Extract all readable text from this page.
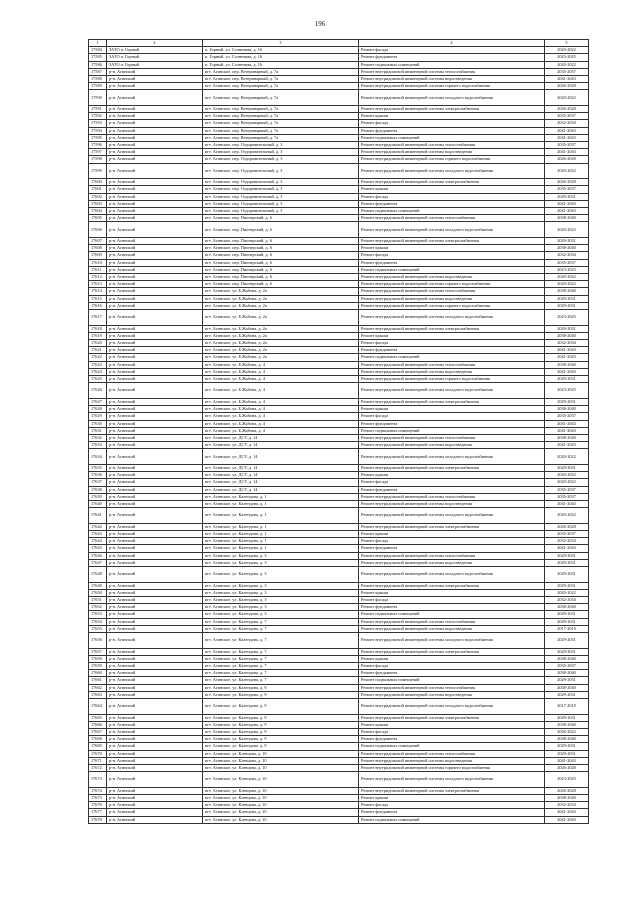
196
1	2	3	4	5
17584	ЗАТО п. Горный	п. Горный, ул. Солнечная, д. 16	Ремонт фасада	2020-2022
17585	ЗАТО п. Горный	п. Горный, ул. Солнечная, д. 16	Ремонт фундамента	2023-2025
17586	ЗАТО п. Горный	п. Горный, ул. Солнечная, д. 16	Ремонт подвальных помещений	2020-2022
17587	р-н. Агинский	пгт. Агинское, пер. Ветеринарный, д. 7а	Ремонт внутридомовой инженерной системы теплоснабжения	2035-2037
17588	р-н. Агинский	пгт. Агинское, пер. Ветеринарный, д. 7а	Ремонт внутридомовой инженерной системы водоотведения	2041-2043
17589	р-н. Агинский	пгт. Агинское, пер. Ветеринарный, д. 7а	Ремонт внутридомовой инженерной системы горячего водоснабжения	2026-2028
17590	р-н. Агинский	пгт. Агинское, пер. Ветеринарный, д. 7а	Ремонт внутридомовой инженерной системы холодного водоснабжения	2020-2022
17591	р-н. Агинский	пгт. Агинское, пер. Ветеринарный, д. 7а	Ремонт внутридомовой инженерной системы электроснабжения	2026-2028
17592	р-н. Агинский	пгт. Агинское, пер. Ветеринарный, д. 7а	Ремонт крыши	2035-2037
17593	р-н. Агинский	пгт. Агинское, пер. Ветеринарный, д. 7а	Ремонт фасада	2032-2034
17594	р-н. Агинский	пгт. Агинское, пер. Ветеринарный, д. 7а	Ремонт фундамента	2041-2043
17595	р-н. Агинский	пгт. Агинское, пер. Ветеринарный, д. 7а	Ремонт подвальных помещений	2041-2043
17596	р-н. Агинский	пгт. Агинское, пер. Оздоровительный, д. 3	Ремонт внутридомовой инженерной системы теплоснабжения	2035-2037
17597	р-н. Агинский	пгт. Агинское, пер. Оздоровительный, д. 3	Ремонт внутридомовой инженерной системы водоотведения	2041-2043
17598	р-н. Агинский	пгт. Агинское, пер. Оздоровительный, д. 3	Ремонт внутридомовой инженерной системы горячего водоснабжения	2026-2028
17599	р-н. Агинский	пгт. Агинское, пер. Оздоровительный, д. 3	Ремонт внутридомовой инженерной системы холодного водоснабжения	2020-2022
17600	р-н. Агинский	пгт. Агинское, пер. Оздоровительный, д. 3	Ремонт внутридомовой инженерной системы электроснабжения	2026-2028
17601	р-н. Агинский	пгт. Агинское, пер. Оздоровительный, д. 3	Ремонт крыши	2035-2037
17602	р-н. Агинский	пгт. Агинское, пер. Оздоровительный, д. 3	Ремонт фасада	2029-2031
17603	р-н. Агинский	пгт. Агинское, пер. Оздоровительный, д. 3	Ремонт фундамента	2041-2043
17604	р-н. Агинский	пгт. Агинское, пер. Оздоровительный, д. 3	Ремонт подвальных помещений	2041-2043
17605	р-н. Агинский	пгт. Агинское, пер. Пионерский, д. 6	Ремонт внутридомовой инженерной системы теплоснабжения	2038-2040
17606	р-н. Агинский	пгт. Агинское, пер. Пионерский, д. 6	Ремонт внутридомовой инженерной системы холодного водоснабжения	2020-2022
17607	р-н. Агинский	пгт. Агинское, пер. Пионерский, д. 6	Ремонт внутридомовой инженерной системы электроснабжения	2029-2031
17608	р-н. Агинский	пгт. Агинское, пер. Пионерский, д. 6	Ремонт крыши	2038-2040
17609	р-н. Агинский	пгт. Агинское, пер. Пионерский, д. 6	Ремонт фасада	2032-2034
17610	р-н. Агинский	пгт. Агинское, пер. Пионерский, д. 6	Ремонт фундамента	2035-2037
17611	р-н. Агинский	пгт. Агинское, пер. Пионерский, д. 6	Ремонт подвальных помещений	2023-2025
17612	р-н. Агинский	пгт. Агинское, пер. Пионерский, д. 6	Ремонт внутридомовой инженерной системы водоотведения	2020-2022
17613	р-н. Агинский	пгт. Агинское, пер. Пионерский, д. 6	Ремонт внутридомовой инженерной системы горячего водоснабжения	2020-2022
17614	р-н. Агинский	пгт. Агинское, ул. Б.Жабона, д. 2а	Ремонт внутридомовой инженерной системы теплоснабжения	2038-2040
17615	р-н. Агинский	пгт. Агинское, ул. Б.Жабона, д. 2а	Ремонт внутридомовой инженерной системы водоотведения	2029-2031
17616	р-н. Агинский	пгт. Агинское, ул. Б.Жабона, д. 2а	Ремонт внутридомовой инженерной системы горячего водоснабжения	2029-2031
17617	р-н. Агинский	пгт. Агинское, ул. Б.Жабона, д. 2а	Ремонт внутридомовой инженерной системы холодного водоснабжения	2023-2025
17618	р-н. Агинский	пгт. Агинское, ул. Б.Жабона, д. 2а	Ремонт внутридомовой инженерной системы электроснабжения	2029-2031
17619	р-н. Агинский	пгт. Агинское, ул. Б.Жабона, д. 2а	Ремонт крыши	2038-2040
17620	р-н. Агинский	пгт. Агинское, ул. Б.Жабона, д. 2а	Ремонт фасада	2032-2034
17621	р-н. Агинский	пгт. Агинское, ул. Б.Жабона, д. 2а	Ремонт фундамента	2041-2043
17622	р-н. Агинский	пгт. Агинское, ул. Б.Жабона, д. 2а	Ремонт подвальных помещений	2041-2043
17623	р-н. Агинский	пгт. Агинское, ул. Б.Жабона, д. 4	Ремонт внутридомовой инженерной системы теплоснабжения	2038-2040
17624	р-н. Агинский	пгт. Агинское, ул. Б.Жабона, д. 4	Ремонт внутридомовой инженерной системы водоотведения	2041-2043
17625	р-н. Агинский	пгт. Агинское, ул. Б.Жабона, д. 4	Ремонт внутридомовой инженерной системы горячего водоснабжения	2029-2031
17626	р-н. Агинский	пгт. Агинское, ул. Б.Жабона, д. 4	Ремонт внутридомовой инженерной системы холодного водоснабжения	2023-2025
17627	р-н. Агинский	пгт. Агинское, ул. Б.Жабона, д. 4	Ремонт внутридомовой инженерной системы электроснабжения	2029-2031
17628	р-н. Агинский	пгт. Агинское, ул. Б.Жабона, д. 4	Ремонт крыши	2038-2040
17629	р-н. Агинский	пгт. Агинское, ул. Б.Жабона, д. 4	Ремонт фасада	2035-2037
17630	р-н. Агинский	пгт. Агинское, ул. Б.Жабона, д. 4	Ремонт фундамента	2041-2043
17631	р-н. Агинский	пгт. Агинское, ул. Б.Жабона, д. 4	Ремонт подвальных помещений	2041-2043
17632	р-н. Агинский	пгт. Агинское, ул. ДСУ, д. 14	Ремонт внутридомовой инженерной системы теплоснабжения	2038-2040
17633	р-н. Агинский	пгт. Агинское, ул. ДСУ, д. 14	Ремонт внутридомовой инженерной системы водоотведения	2041-2043
17634	р-н. Агинский	пгт. Агинское, ул. ДСУ, д. 14	Ремонт внутридомовой инженерной системы холодного водоснабжения	2020-2022
17635	р-н. Агинский	пгт. Агинское, ул. ДСУ, д. 14	Ремонт внутридомовой инженерной системы электроснабжения	2029-2031
17636	р-н. Агинский	пгт. Агинское, ул. ДСУ, д. 14	Ремонт крыши	2020-2022
17637	р-н. Агинский	пгт. Агинское, ул. ДСУ, д. 14	Ремонт фасада	2020-2022
17638	р-н. Агинский	пгт. Агинское, ул. ДСУ, д. 14	Ремонт фундамента	2035-2037
17639	р-н. Агинский	пгт. Агинское, ул. Календова, д. 1	Ремонт внутридомовой инженерной системы теплоснабжения	2035-2037
17640	р-н. Агинский	пгт. Агинское, ул. Календова, д. 1	Ремонт внутридомовой инженерной системы водоотведения	2041-2043
17641	р-н. Агинский	пгт. Агинское, ул. Календова, д. 1	Ремонт внутридомовой инженерной системы холодного водоснабжения	2020-2022
17642	р-н. Агинский	пгт. Агинское, ул. Календова, д. 1	Ремонт внутридомовой инженерной системы электроснабжения	2026-2028
17643	р-н. Агинский	пгт. Агинское, ул. Календова, д. 1	Ремонт крыши	2035-2037
17644	р-н. Агинский	пгт. Агинское, ул. Календова, д. 1	Ремонт фасада	2032-2034
17645	р-н. Агинский	пгт. Агинское, ул. Календова, д. 1	Ремонт фундамента	2041-2043
17646	р-н. Агинский	пгт. Агинское, ул. Календова, д. 3	Ремонт внутридомовой инженерной системы теплоснабжения	2029-2031
17647	р-н. Агинский	пгт. Агинское, ул. Календова, д. 3	Ремонт внутридомовой инженерной системы водоотведения	2029-2031
17648	р-н. Агинский	пгт. Агинское, ул. Календова, д. 3	Ремонт внутридомовой инженерной системы холодного водоснабжения	2029-2031
17649	р-н. Агинский	пгт. Агинское, ул. Календова, д. 3	Ремонт внутридомовой инженерной системы электроснабжения	2029-2031
17650	р-н. Агинский	пгт. Агинское, ул. Календова, д. 3	Ремонт крыши	2020-2022
17651	р-н. Агинский	пгт. Агинское, ул. Календова, д. 3	Ремонт фасада	2032-2034
17652	р-н. Агинский	пгт. Агинское, ул. Календова, д. 3	Ремонт фундамента	2038-2040
17653	р-н. Агинский	пгт. Агинское, ул. Календова, д. 3	Ремонт подвальных помещений	2029-2031
17654	р-н. Агинский	пгт. Агинское, ул. Календова, д. 7	Ремонт внутридомовой инженерной системы теплоснабжения	2029-2031
17655	р-н. Агинский	пгт. Агинское, ул. Календова, д. 7	Ремонт внутридомовой инженерной системы водоотведения	2017-2019
17656	р-н. Агинский	пгт. Агинское, ул. Календова, д. 7	Ремонт внутридомовой инженерной системы холодного водоснабжения	2029-2031
17657	р-н. Агинский	пгт. Агинское, ул. Календова, д. 7	Ремонт внутридомовой инженерной системы электроснабжения	2029-2031
17658	р-н. Агинский	пгт. Агинское, ул. Календова, д. 7	Ремонт крыши	2038-2040
17659	р-н. Агинский	пгт. Агинское, ул. Календова, д. 7	Ремонт фасада	2035-2037
17660	р-н. Агинский	пгт. Агинское, ул. Календова, д. 7	Ремонт фундамента	2038-2040
17661	р-н. Агинский	пгт. Агинское, ул. Календова, д. 7	Ремонт подвальных помещений	2029-2031
17662	р-н. Агинский	пгт. Агинское, ул. Календова, д. 9	Ремонт внутридомовой инженерной системы теплоснабжения	2038-2040
17663	р-н. Агинский	пгт. Агинское, ул. Календова, д. 9	Ремонт внутридомовой инженерной системы водоотведения	2029-2031
17664	р-н. Агинский	пгт. Агинское, ул. Календова, д. 9	Ремонт внутридомовой инженерной системы холодного водоснабжения	2017-2019
17665	р-н. Агинский	пгт. Агинское, ул. Календова, д. 9	Ремонт внутридомовой инженерной системы электроснабжения	2029-2031
17666	р-н. Агинский	пгт. Агинское, ул. Календова, д. 9	Ремонт крыши	2038-2040
17667	р-н. Агинский	пгт. Агинское, ул. Календова, д. 9	Ремонт фасада	2026-2022
17668	р-н. Агинский	пгт. Агинское, ул. Календова, д. 9	Ремонт фундамента	2038-2040
17669	р-н. Агинский	пгт. Агинское, ул. Календова, д. 9	Ремонт подвальных помещений	2029-2031
17670	р-н. Агинский	пгт. Агинское, ул. Клевцова, д. 10	Ремонт внутридомовой инженерной системы теплоснабжения	2029-2031
17671	р-н. Агинский	пгт. Агинское, ул. Клевцова, д. 10	Ремонт внутридомовой инженерной системы водоотведения	2041-2043
17672	р-н. Агинский	пгт. Агинское, ул. Клевцова, д. 10	Ремонт внутридомовой инженерной системы горячего водоснабжения	2026-2028
17673	р-н. Агинский	пгт. Агинское, ул. Клевцова, д. 10	Ремонт внутридомовой инженерной системы холодного водоснабжения	2023-2025
17674	р-н. Агинский	пгт. Агинское, ул. Клевцова, д. 10	Ремонт внутридомовой инженерной системы электроснабжения	2026-2028
17675	р-н. Агинский	пгт. Агинское, ул. Клевцова, д. 10	Ремонт крыши	2038-2040
17676	р-н. Агинский	пгт. Агинское, ул. Клевцова, д. 10	Ремонт фасада	2032-2034
17677	р-н. Агинский	пгт. Агинское, ул. Клевцова, д. 10	Ремонт фундамента	2041-2043
17678	р-н. Агинский	пгт. Агинское, ул. Клевцова, д. 10	Ремонт подвальных помещений	2041-2043
